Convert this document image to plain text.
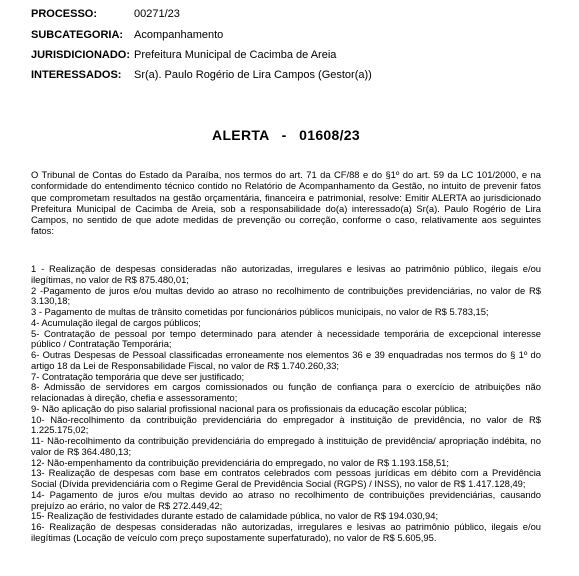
PROCESSO:	00271/23
SUBCATEGORIA: Acompanhamento
JURISDICIONADO: Prefeitura Municipal de Cacimba de Areia
INTERESSADOS: Sr(a). Paulo Rogério de Lira Campos (Gestor(a))
ALERTA   -   01608/23

O Tribunal de Contas do Estado da Paraíba, nos termos do art. 71 da CF/88 e do §1º do art. 59 da LC 101/2000, e na conformidade do entendimento técnico contido no Relatório de Acompanhamento da Gestão, no intuito de prevenir fatos que comprometam resultados na gestão orçamentária, financeira e patrimonial, resolve: Emitir ALERTA ao jurisdicionado Prefeitura Municipal de Cacimba de Areia, sob a responsabilidade do(a) interessado(a) Sr(a). Paulo Rogério de Lira Campos, no sentido de que adote medidas de prevenção ou correção, conforme o caso, relativamente aos seguintes fatos:

1 - Realização de despesas consideradas não autorizadas, irregulares e lesivas ao patrimônio público, ilegais e/ou ilegítimas, no valor de R$ 875.480,01;

2 -Pagamento de juros e/ou multas devido ao atraso no recolhimento de contribuições previdenciárias, no valor de R$ 3.130,18;

3 - Pagamento de multas de trânsito cometidas por funcionários públicos municipais, no valor de R$ 5.783,15;

4- Acumulação ilegal de cargos públicos;

5- Contratação de pessoal por tempo determinado para atender à necessidade temporária de excepcional interesse público / Contratação Temporária;

6- Outras Despesas de Pessoal classificadas erroneamente nos elementos 36 e 39 enquadradas nos termos do § 1º do artigo 18 da Lei de Responsabilidade Fiscal, no valor de R$ 1.740.260,33;

7- Contratação temporária que deve ser justificado;

8- Admissão de servidores em cargos comissionados ou função de confiança para o exercício de atribuições não relacionadas à direção, chefia e assessoramento;

9- Não aplicação do piso salarial profissional nacional para os profissionais da educação escolar pública;

10- Não-recolhimento da contribuição previdenciária do empregador à instituição de previdência, no valor de R$ 1.225.175,02;

11- Não-recolhimento da contribuição previdenciária do empregado à instituição de previdência/ apropriação indébita, no valor de R$ 364.480,13;

12- Não-empenhamento da contribuição previdenciária do empregado, no valor de R$ 1.193.158,51;

13- Realização de despesas com base em contratos celebrados com pessoas jurídicas em débito com a Previdência Social (Dívida previdenciária com o Regime Geral de Previdência Social (RGPS) / INSS), no valor de R$ 1.417.128,49;

14- Pagamento de juros e/ou multas devido ao atraso no recolhimento de contribuições previdenciárias, causando prejuízo ao erário, no valor de R$ 272.449,42;

15- Realização de festividades durante estado de calamidade pública, no valor de R$ 194.030,94;

16- Realização de despesas consideradas não autorizadas, irregulares e lesivas ao patrimônio público, ilegais e/ou ilegítimas (Locação de veículo com preço supostamente superfaturado), no valor de R$ 5.605,95.
